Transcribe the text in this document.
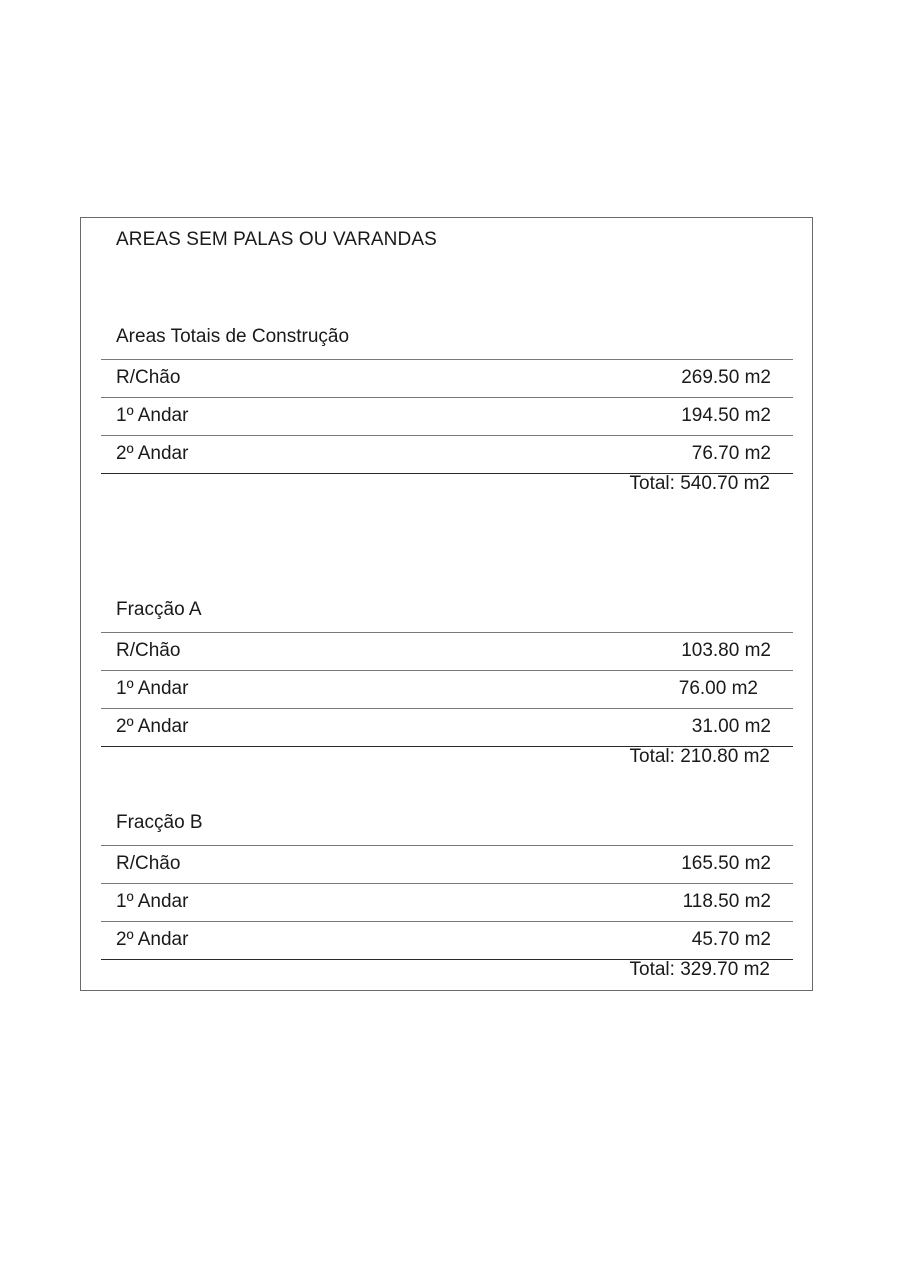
AREAS SEM PALAS OU VARANDAS
Areas Totais de Construção
R/Chão	269.50 m2
1º Andar	194.50 m2
2º Andar	76.70 m2
Total: 540.70 m2
Fracção A
R/Chão	103.80 m2
1º Andar	76.00 m2
2º Andar	31.00 m2
Total: 210.80 m2
Fracção B
R/Chão	165.50 m2
1º Andar	118.50 m2
2º Andar	45.70 m2
Total: 329.70 m2
